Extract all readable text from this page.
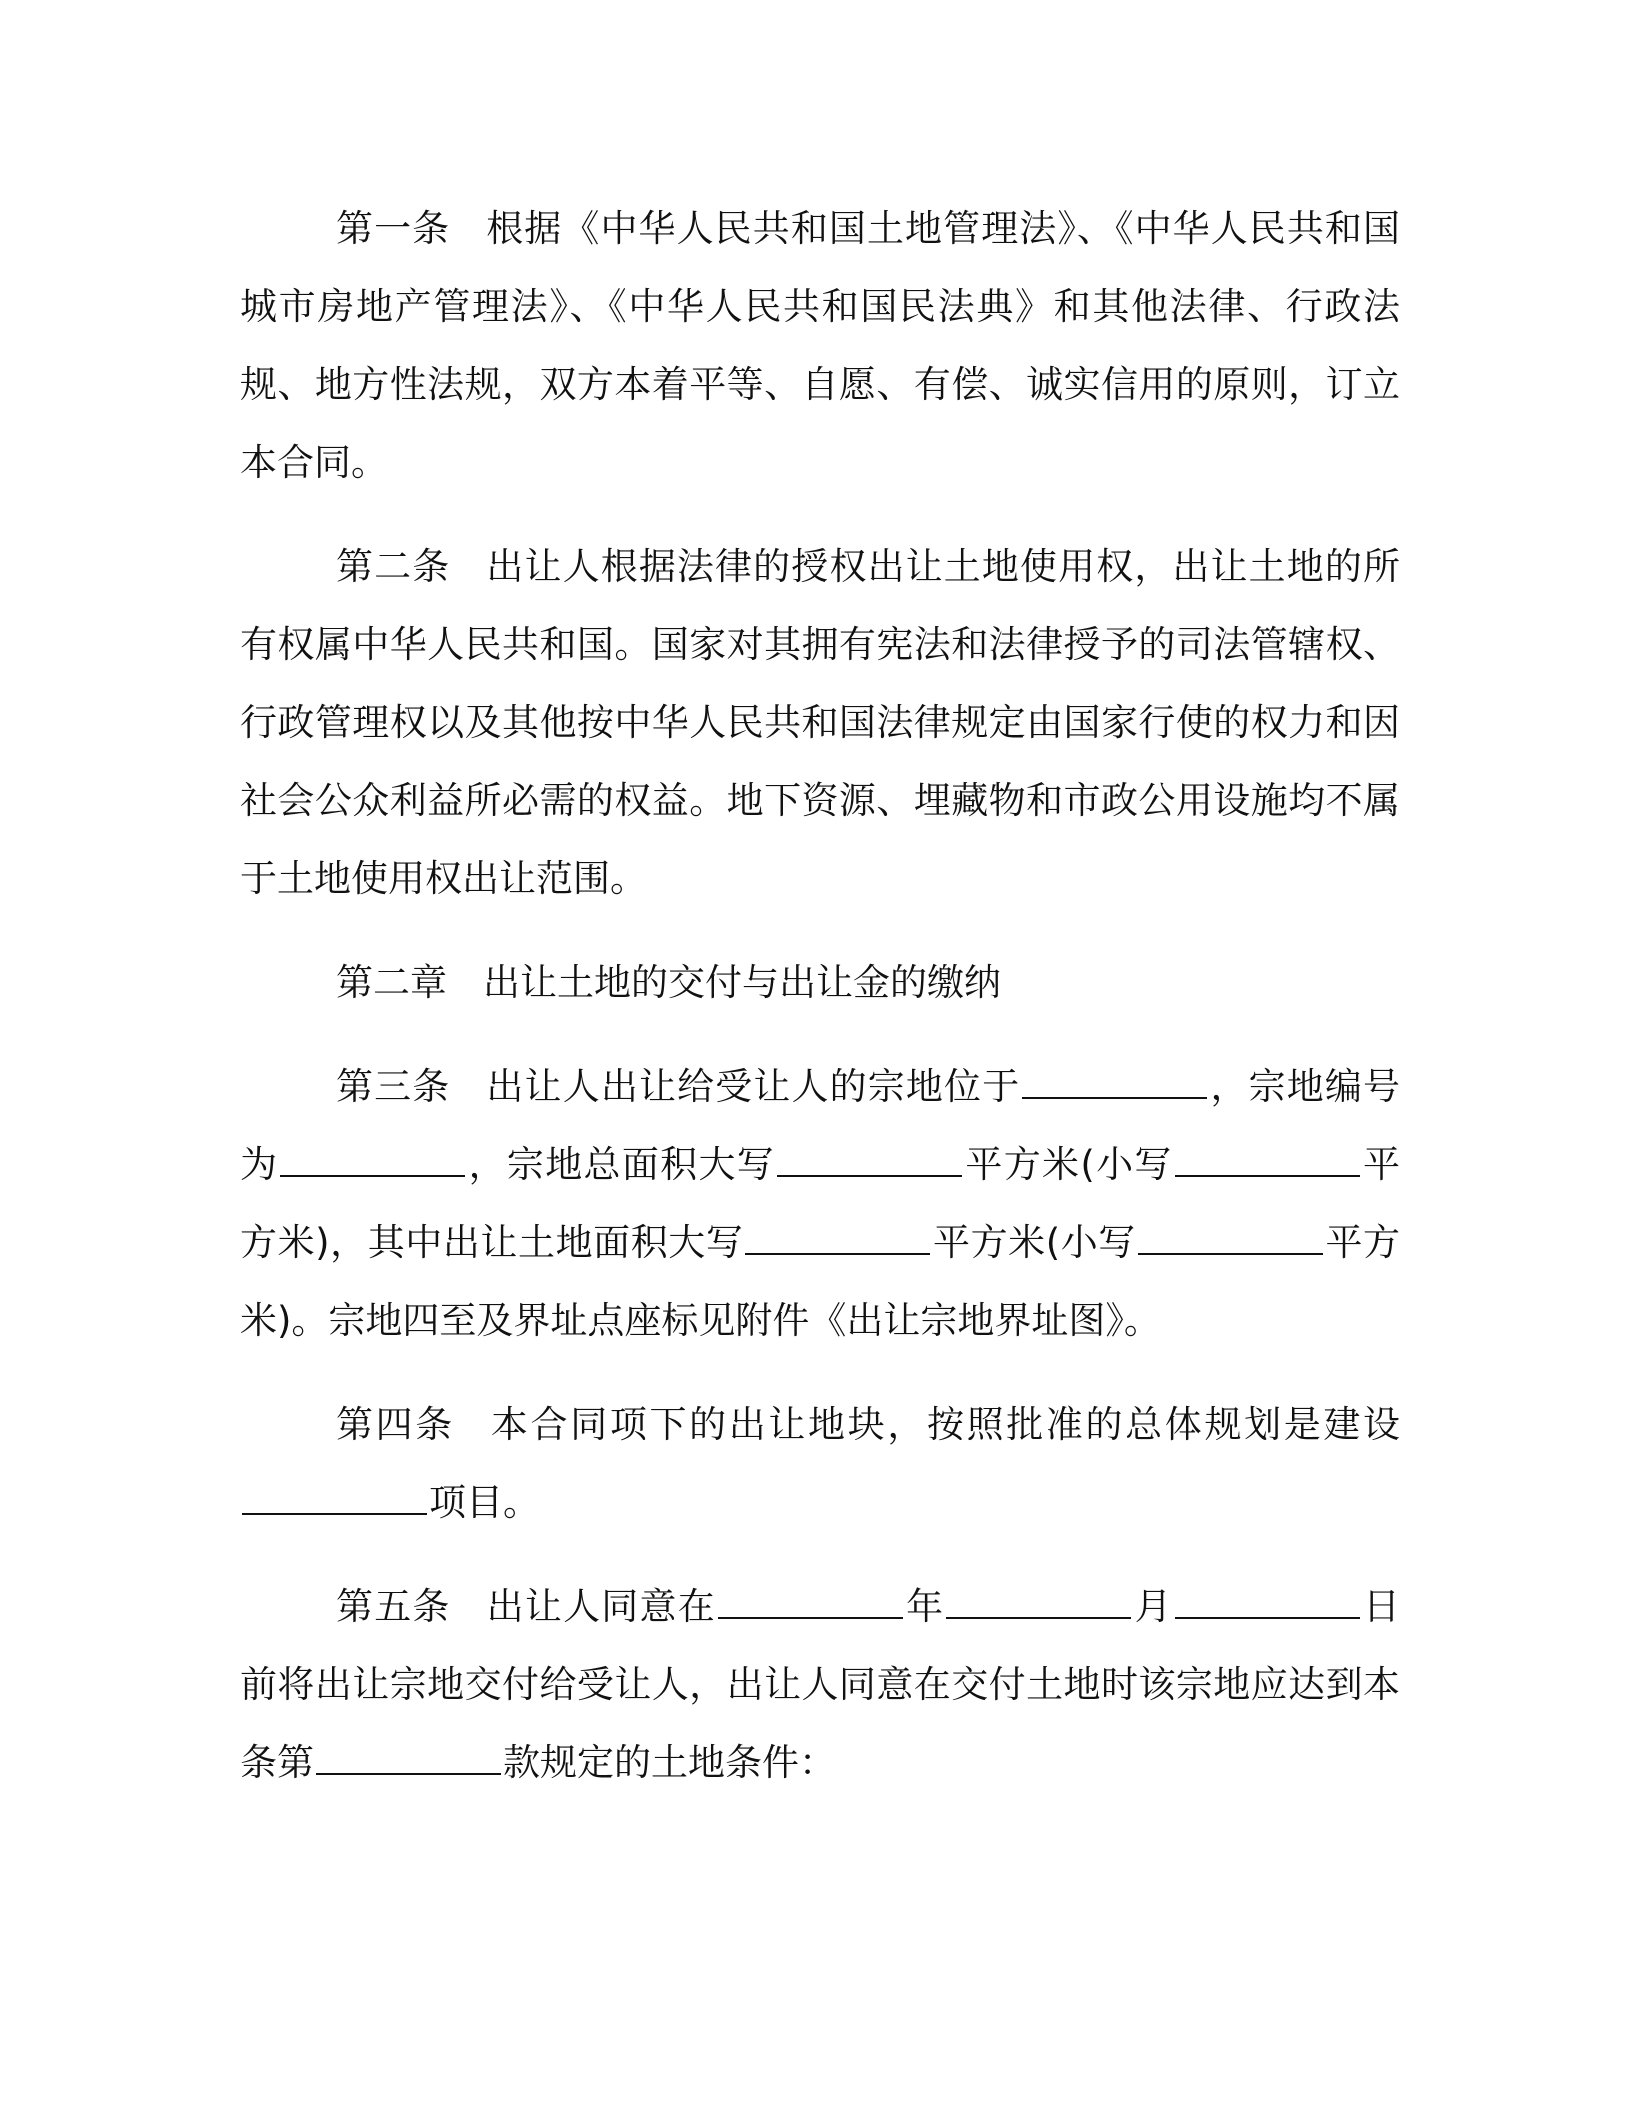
第一条 根据《中华人民共和国土地管理法》、《中华人民共和国城市房地产管理法》、《中华人民共和国民法典》和其他法律、行政法规、地方性法规，双方本着平等、自愿、有偿、诚实信用的原则，订立本合同。

第二条 出让人根据法律的授权出让土地使用权，出让土地的所有权属中华人民共和国。国家对其拥有宪法和法律授予的司法管辖权、行政管理权以及其他按中华人民共和国法律规定由国家行使的权力和因社会公众利益所必需的权益。地下资源、埋藏物和市政公用设施均不属于土地使用权出让范围。

第二章 出让土地的交付与出让金的缴纳

第三条 出让人出让给受让人的宗地位于	，宗地编号为	，宗地总面积大写	平方米(小写	平方米)，其中出让土地面积大写	平方米(小写	平方米)。宗地四至及界址点座标见附件《出让宗地界址图》。

第四条 本合同项下的出让地块，按照批准的总体规划是建设项目。

第五条 出让人同意在	年	月	日前将出让宗地交付给受让人，出让人同意在交付土地时该宗地应达到本条第	款规定的土地条件：
